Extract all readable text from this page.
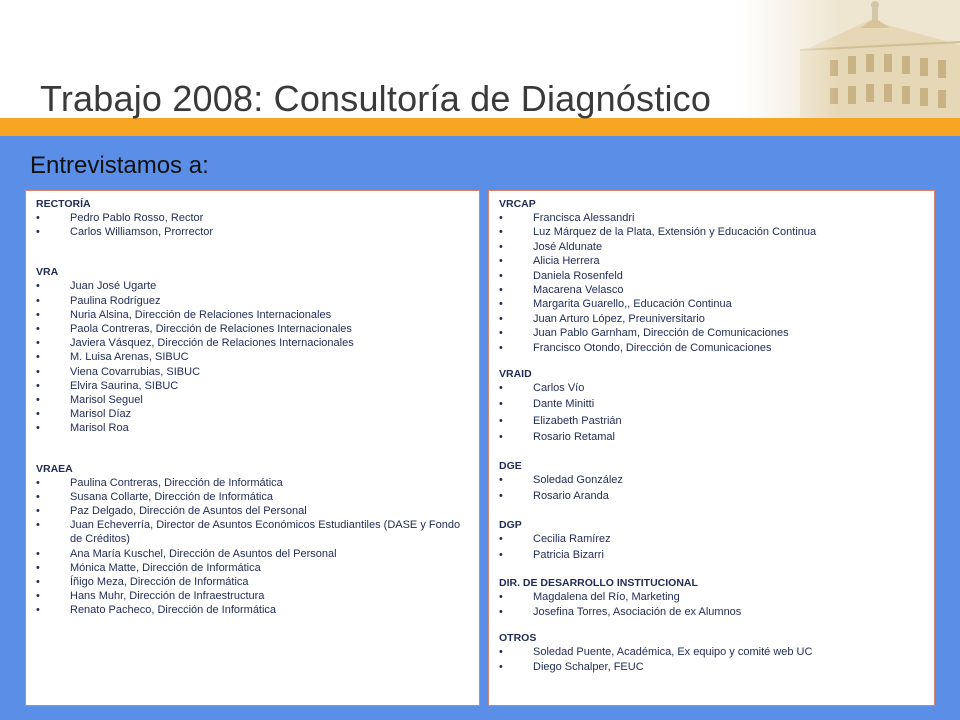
Trabajo 2008: Consultoría de Diagnóstico
Entrevistamos a:

RECTORÍA

• Pedro Pablo Rosso, Rector
• Carlos Williamson, Prorrector

VRA

• Juan José Ugarte
• Paulina Rodríguez
• Nuria Alsina, Dirección de Relaciones Internacionales
• Paola Contreras, Dirección de Relaciones Internacionales
• Javiera Vásquez, Dirección de Relaciones Internacionales
• M. Luisa Arenas, SIBUC
• Viena Covarrubias, SIBUC
• Elvira Saurina, SIBUC
• Marisol Seguel
• Marisol Díaz
• Marisol Roa

VRAEA

• Paulina Contreras, Dirección de Informática
• Susana Collarte, Dirección de Informática
• Paz Delgado, Dirección de Asuntos del Personal
• Juan Echeverría, Director de Asuntos Económicos Estudiantiles (DASE y Fondo de Créditos)
• Ana María Kuschel, Dirección de Asuntos del Personal
• Mónica Matte, Dirección de Informática
• Íñigo Meza, Dirección de Informática
• Hans Muhr, Dirección de Infraestructura
• Renato Pacheco, Dirección de Informática

VRCAP

• Francisca Alessandri
• Luz Márquez de la Plata, Extensión y Educación Continua
• José Aldunate
• Alicia Herrera
• Daniela Rosenfeld
• Macarena Velasco
• Margarita Guarello,, Educación Continua
• Juan Arturo López, Preuniversitario
• Juan Pablo Garnham, Dirección de Comunicaciones
• Francisco Otondo, Dirección de Comunicaciones

VRAID

• Carlos Vío
• Dante Minitti
• Elizabeth Pastrián
• Rosario Retamal

DGE

• Soledad González
• Rosario Aranda

DGP

• Cecilia Ramírez
• Patricia Bizarri

DIR. DE DESARROLLO INSTITUCIONAL

• Magdalena del Río, Marketing
• Josefina Torres, Asociación de ex Alumnos

OTROS

• Soledad Puente, Académica, Ex equipo y comité web UC
• Diego Schalper, FEUC
